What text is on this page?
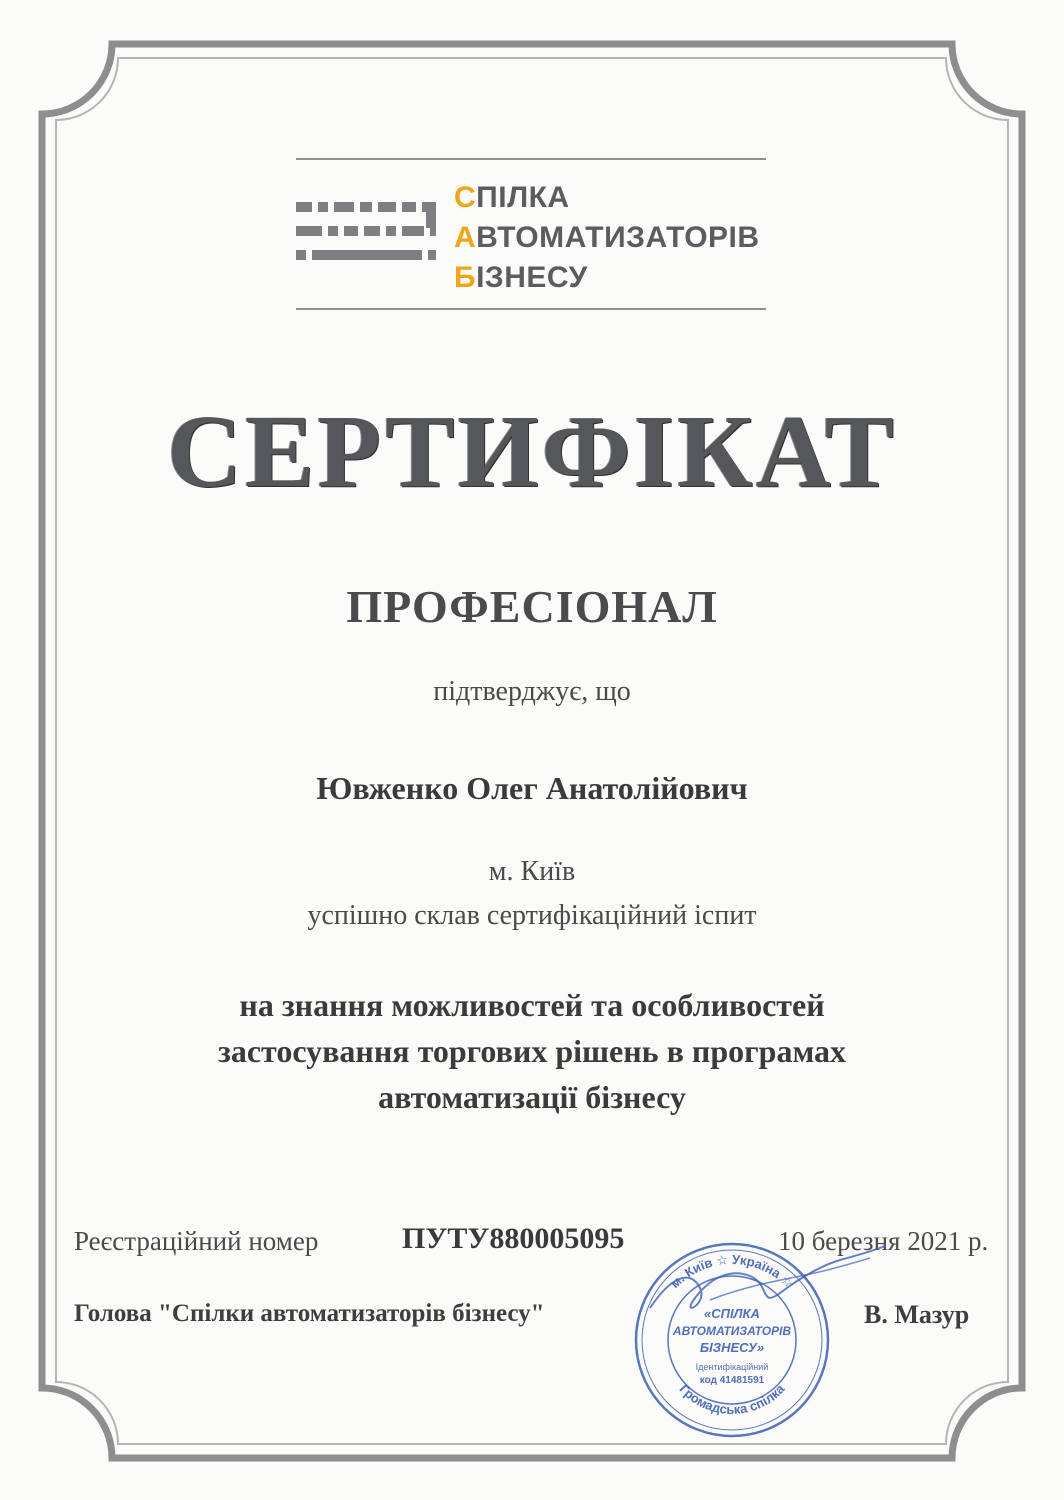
СПІЛКА
АВТОМАТИЗАТОРІВ
БІЗНЕСУ
СЕРТИФІКАТ
ПРОФЕСІОНАЛ
підтверджує, що
Ювженко Олег Анатолійович
м. Київ
успішно склав сертифікаційний іспит
на знання можливостей та особливостей
застосування торгових рішень в програмах
автоматизації бізнесу
Реєстраційний номер	ПУТУ880005095	10 березня 2021 р.
Голова "Спілки автоматизаторів бізнесу"	В. Мазур
м. Київ ☆ Україна ☆
Громадська спілка
«СПІЛКА
АВТОМАТИЗАТОРІВ
БІЗНЕСУ»
Ідентифікаційний
код 41481591
